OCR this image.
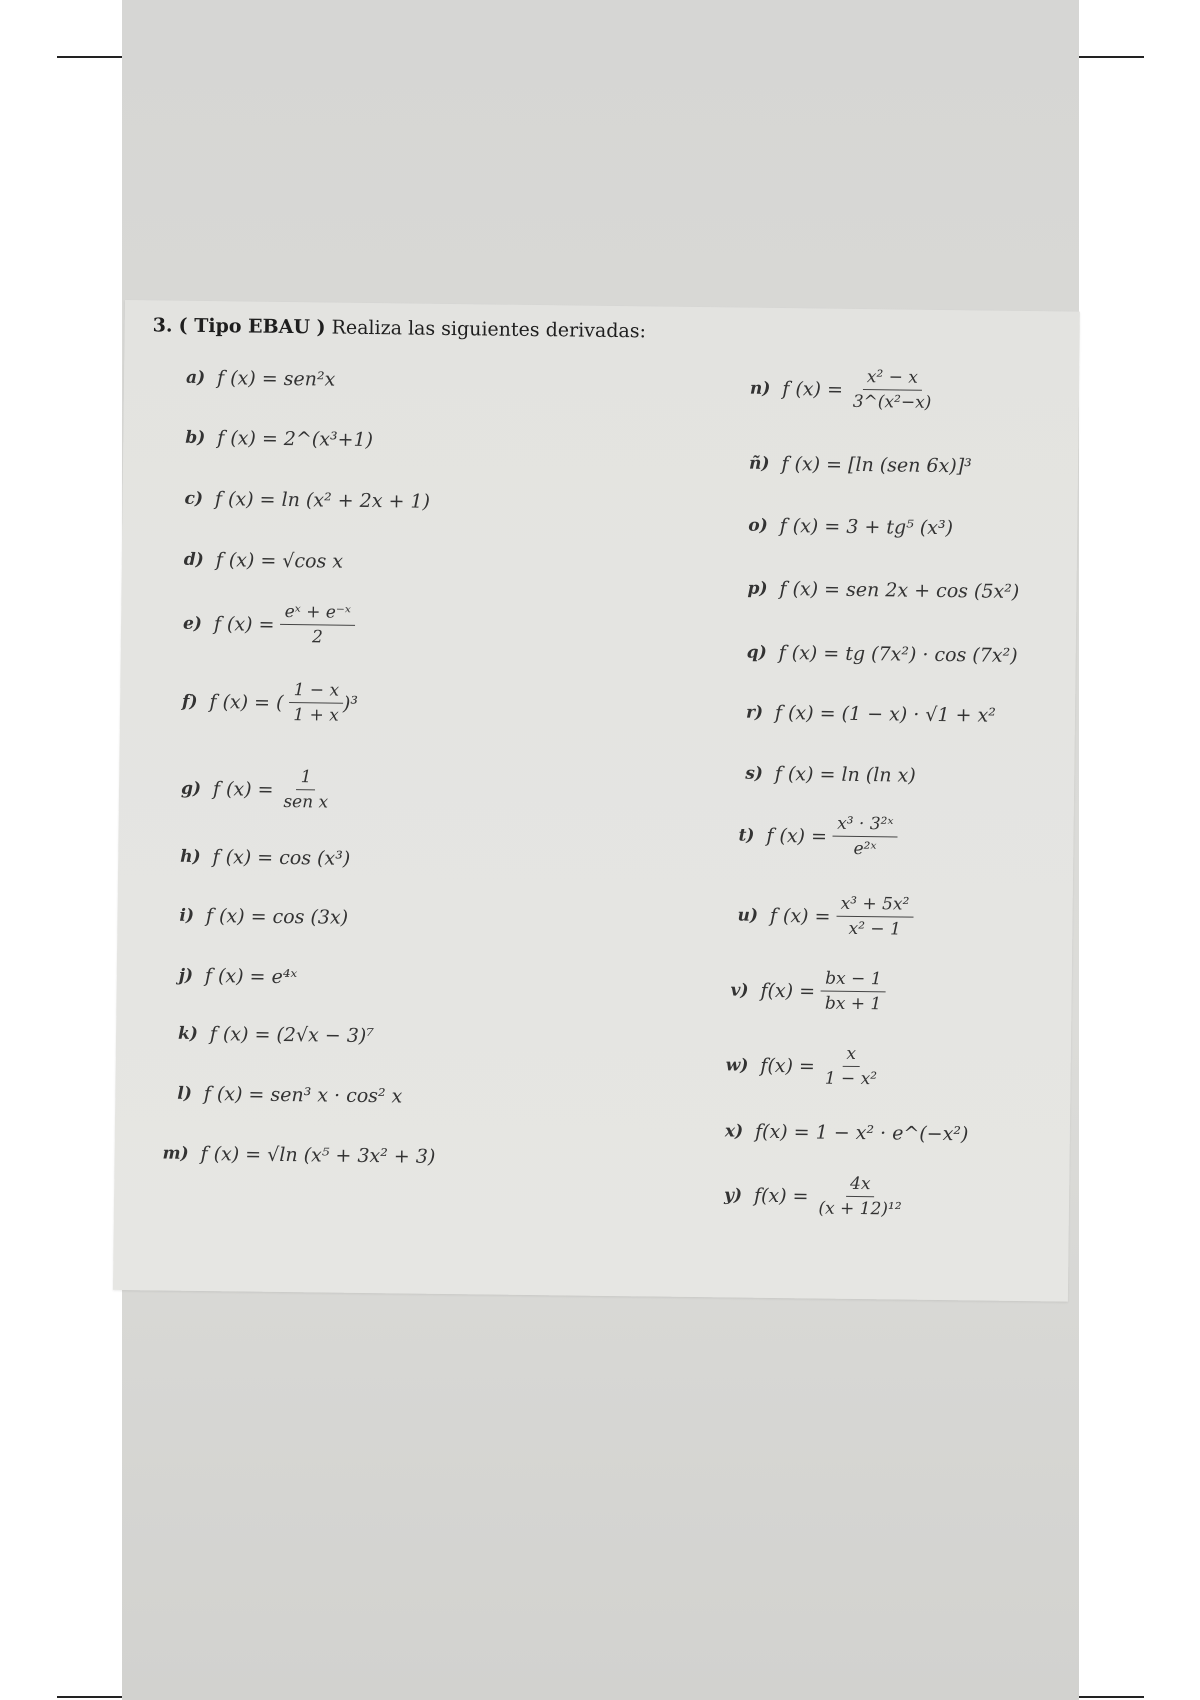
3. ( Tipo EBAU ) Realiza las siguientes derivadas:
a) f (x) = sen²x
b) f (x) = 2^(x³+1)
c) f (x) = ln (x² + 2x + 1)
d) f (x) = √cos x
e) f $(x) = \frac{\text{eˣ + e⁻ˣ}}{2}$
f) f (x) = ( $\frac{1 - x}{1 + x} )^3$
g) f $(x) = \frac{1}{\text{sen x}}$
h) f (x) = cos (x³)
i) f (x) = cos (3x)
j) f (x) = e⁴ˣ
k) f (x) = (2√x − 3)⁷
l) f (x) = sen³ x · cos² x
m) f (x) = √ln (x⁵ + 3x² + 3)
n) f $(x) = \frac{\text{x² − x}}{\text{3\textasciicircum{}(x²−x)}}$
ñ) f (x) = [ln (sen 6x)]³
o) f (x) = 3 + tg⁵ (x³)
p) f (x) = sen 2x + cos (5x²)
q) f (x) = tg (7x²) · cos (7x²)
r) f (x) = (1 − x) · √1 + x²
s) f (x) = ln (ln x)
t) f $(x) = \frac{\text{x³ · 3²ˣ}}{\text{e²ˣ}}$
u) f $(x) = \frac{\text{x³ + 5x²}}{\text{x² − 1}}$
v) $f(x) = \frac{bx - 1}{bx + 1}$
w) $f(x) = \frac{x}{\text{1 − x²}}$
x) f(x) = 1 − x² · e^(−x²)
y) $f(x) = \frac{4x}{\text{(x + 12)¹²}}$
